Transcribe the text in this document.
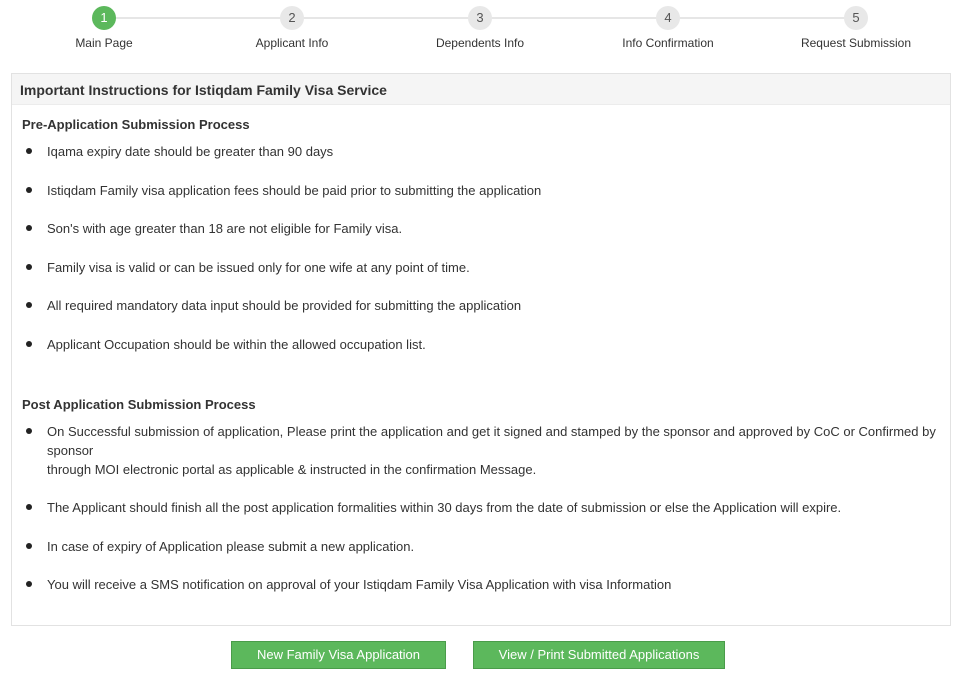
1
Main Page
2
Applicant Info
3
Dependents Info
4
Info Confirmation
5
Request Submission
Important Instructions for Istiqdam Family Visa Service
Pre-Application Submission Process
Iqama expiry date should be greater than 90 days
Istiqdam Family visa application fees should be paid prior to submitting the application
Son's with age greater than 18 are not eligible for Family visa.
Family visa is valid or can be issued only for one wife at any point of time.
All required mandatory data input should be provided for submitting the application
Applicant Occupation should be within the allowed occupation list.
Post Application Submission Process
On Successful submission of application, Please print the application and get it signed and stamped by the sponsor and approved by CoC or Confirmed by sponsor
through MOI electronic portal as applicable & instructed in the confirmation Message.
The Applicant should finish all the post application formalities within 30 days from the date of submission or else the Application will expire.
In case of expiry of Application please submit a new application.
You will receive a SMS notification on approval of your Istiqdam Family Visa Application with visa Information
New Family Visa Application	View / Print Submitted Applications
